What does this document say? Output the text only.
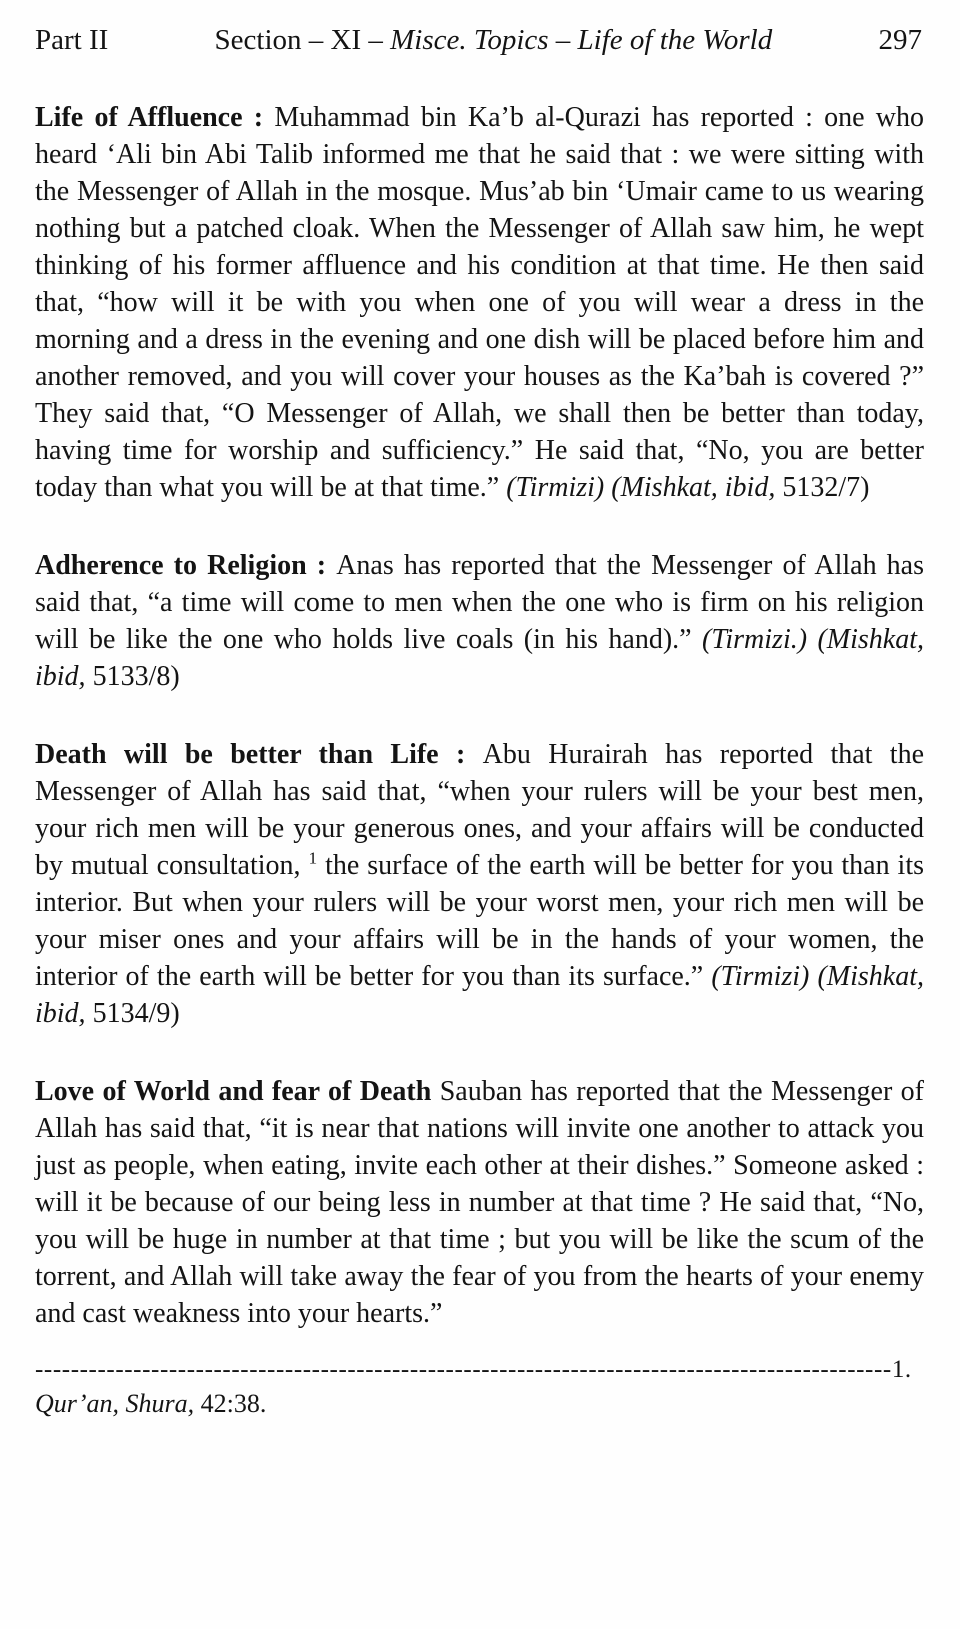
Part II	Section – XI – Misce. Topics – Life of the World	297

Life of Affluence : Muhammad bin Ka’b al-Qurazi has reported : one who heard ‘Ali bin Abi Talib informed me that he said that : we were sitting with the Messenger of Allah in the mosque. Mus’ab bin ‘Umair came to us wearing nothing but a patched cloak. When the Messenger of Allah saw him, he wept thinking of his former affluence and his condition at that time. He then said that, “how will it be with you when one of you will wear a dress in the morning and a dress in the evening and one dish will be placed before him and another removed, and you will cover your houses as the Ka’bah is covered ?” They said that, “O Messenger of Allah, we shall then be better than today, having time for worship and sufficiency.” He said that, “No, you are better today than what you will be at that time.” (Tirmizi) (Mishkat, ibid, 5132/7)

Adherence to Religion : Anas has reported that the Messenger of Allah has said that, “a time will come to men when the one who is firm on his religion will be like the one who holds live coals (in his hand).” (Tirmizi.) (Mishkat, ibid, 5133/8)

Death will be better than Life : Abu Hurairah has reported that the Messenger of Allah has said that, “when your rulers will be your best men, your rich men will be your generous ones, and your affairs will be conducted by mutual consultation, $^1$ the surface of the earth will be better for you than its interior. But when your rulers will be your worst men, your rich men will be your miser ones and your affairs will be in the hands of your women, the interior of the earth will be better for you than its surface.” (Tirmizi) (Mishkat, ibid, 5134/9)

Love of World and fear of Death Sauban has reported that the Messenger of Allah has said that, “it is near that nations will invite one another to attack you just as people, when eating, invite each other at their dishes.” Someone asked : will it be because of our being less in number at that time ? He said that, “No, you will be huge in number at that time ; but you will be like the scum of the torrent, and Allah will take away the fear of you from the hearts of your enemy and cast weakness into your hearts.”

------------------------------------------------------------------------------------------------1.
Qur’an, Shura, 42:38.
